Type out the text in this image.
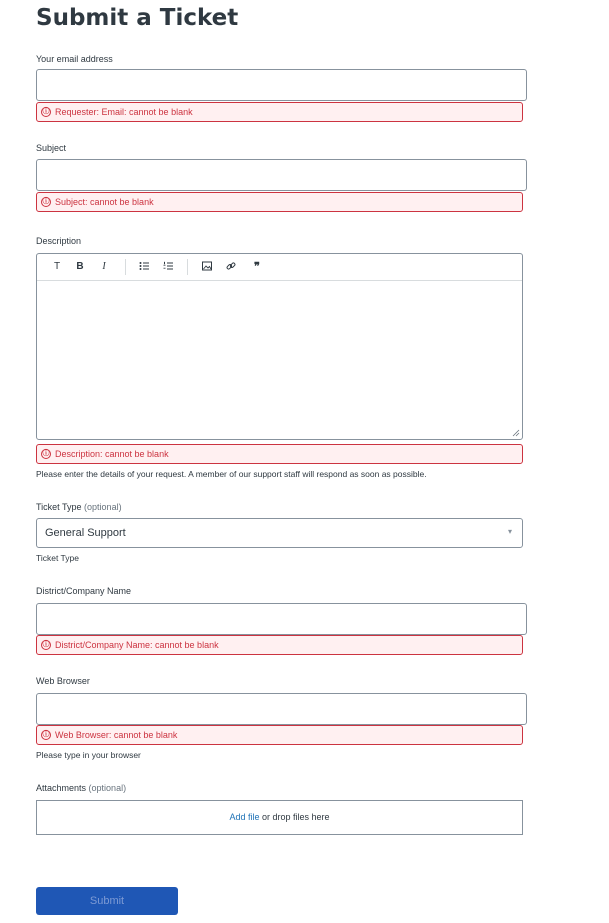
Submit a Ticket
Your email address
ⓘ Requester: Email: cannot be blank
Subject
ⓘ Subject: cannot be blank
Description
T B	I	❞
ⓘ Description: cannot be blank
Please enter the details of your request. A member of our support staff will respond as soon as possible.
Ticket Type (optional)
General Support	▾
Ticket Type
District/Company Name
ⓘ District/Company Name: cannot be blank
Web Browser
ⓘ Web Browser: cannot be blank
Please type in your browser
Attachments (optional)
Add file or drop files here
Submit
